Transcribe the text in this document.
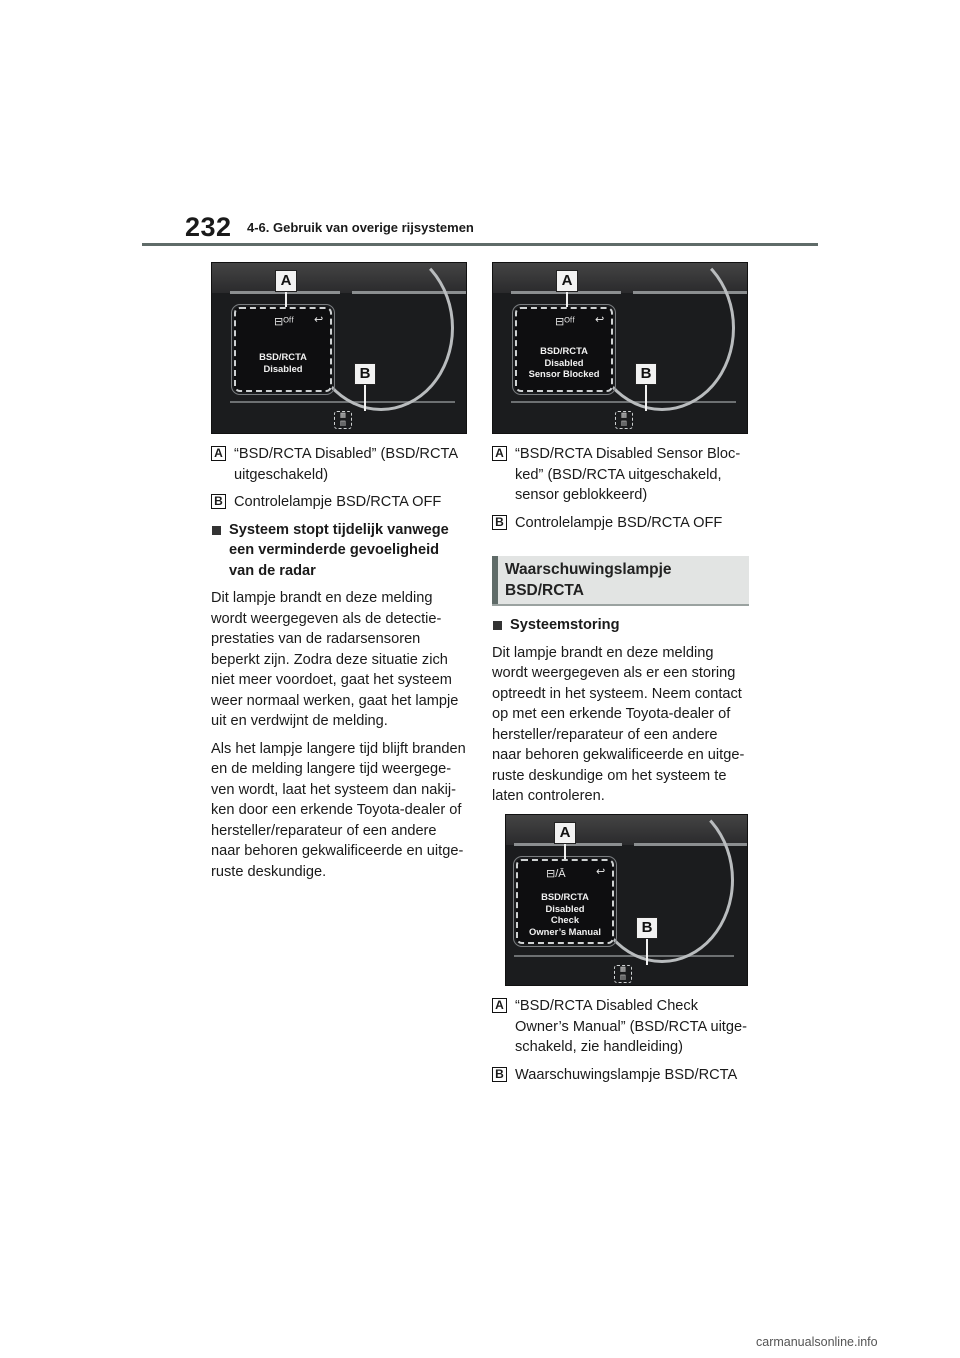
232 4-6. Gebruik van overige rijsystemen
⊟ᴼᶠᶠ ↩
BSD/RCTA
Disabled
A
B
▦
▤
⊟ᴼᶠᶠ ↩
BSD/RCTA
Disabled
Sensor Blocked
A
B
▦
▤
A “BSD/RCTA Disabled” (BSD/RCTA uitgeschakeld)
B Controlelampje BSD/RCTA OFF
Systeem stopt tijdelijk vanwege een verminderde gevoeligheid van de radar

Dit lampje brandt en deze melding wordt weergegeven als de detectie-prestaties van de radarsensoren beperkt zijn. Zodra deze situatie zich niet meer voordoet, gaat het systeem weer normaal werken, gaat het lampje uit en verdwijnt de melding.

Als het lampje langere tijd blijft branden en de melding langere tijd weergege-ven wordt, laat het systeem dan nakij-ken door een erkende Toyota-dealer of hersteller/reparateur of een andere naar behoren gekwalificeerde en uitge-ruste deskundige.

A “BSD/RCTA Disabled Sensor Bloc-ked” (BSD/RCTA uitgeschakeld, sensor geblokkeerd)
B Controlelampje BSD/RCTA OFF
Waarschuwingslampje BSD/RCTA
Systeemstoring

Dit lampje brandt en deze melding wordt weergegeven als er een storing optreedt in het systeem. Neem contact op met een erkende Toyota-dealer of hersteller/reparateur of een andere naar behoren gekwalificeerde en uitge-ruste deskundige om het systeem te laten controleren.

⊟/Ā	↩
BSD/RCTA
Disabled
Check
Owner’s Manual
A
B
▦
▤
A “BSD/RCTA Disabled Check Owner’s Manual” (BSD/RCTA uitge-schakeld, zie handleiding)
B Waarschuwingslampje BSD/RCTA
carmanualsonline.info
